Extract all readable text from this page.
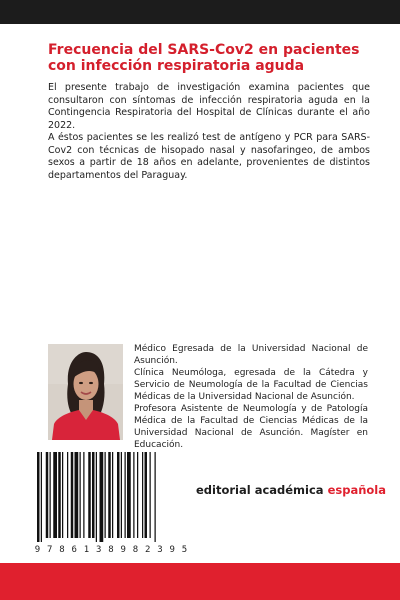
Frecuencia del SARS-Cov2 en pacientes con infección respiratoria aguda

El presente trabajo de investigación examina pacientes que consultaron con síntomas de infección respiratoria aguda en la Contingencia Respiratoria del Hospital de Clínicas durante el año 2022.

A éstos pacientes se les realizó test de antígeno y PCR para SARS-Cov2 con técnicas de hisopado nasal y nasofaringeo, de ambos sexos a partir de 18 años en adelante, provenientes de distintos departamentos del Paraguay.

Médico Egresada de la Universidad Nacional de Asunción.

Clínica Neumóloga, egresada de la Cátedra y Servicio de Neumología de la Facultad de Ciencias Médicas de la Universidad Nacional de Asunción.

Profesora Asistente de Neumología y de Patología Médica de la Facultad de Ciencias Médicas de la Universidad Nacional de Asunción. Magíster en Educación.

9 7 8 6 1 3 8 9 8 2 3 9 5

editorial académica española
